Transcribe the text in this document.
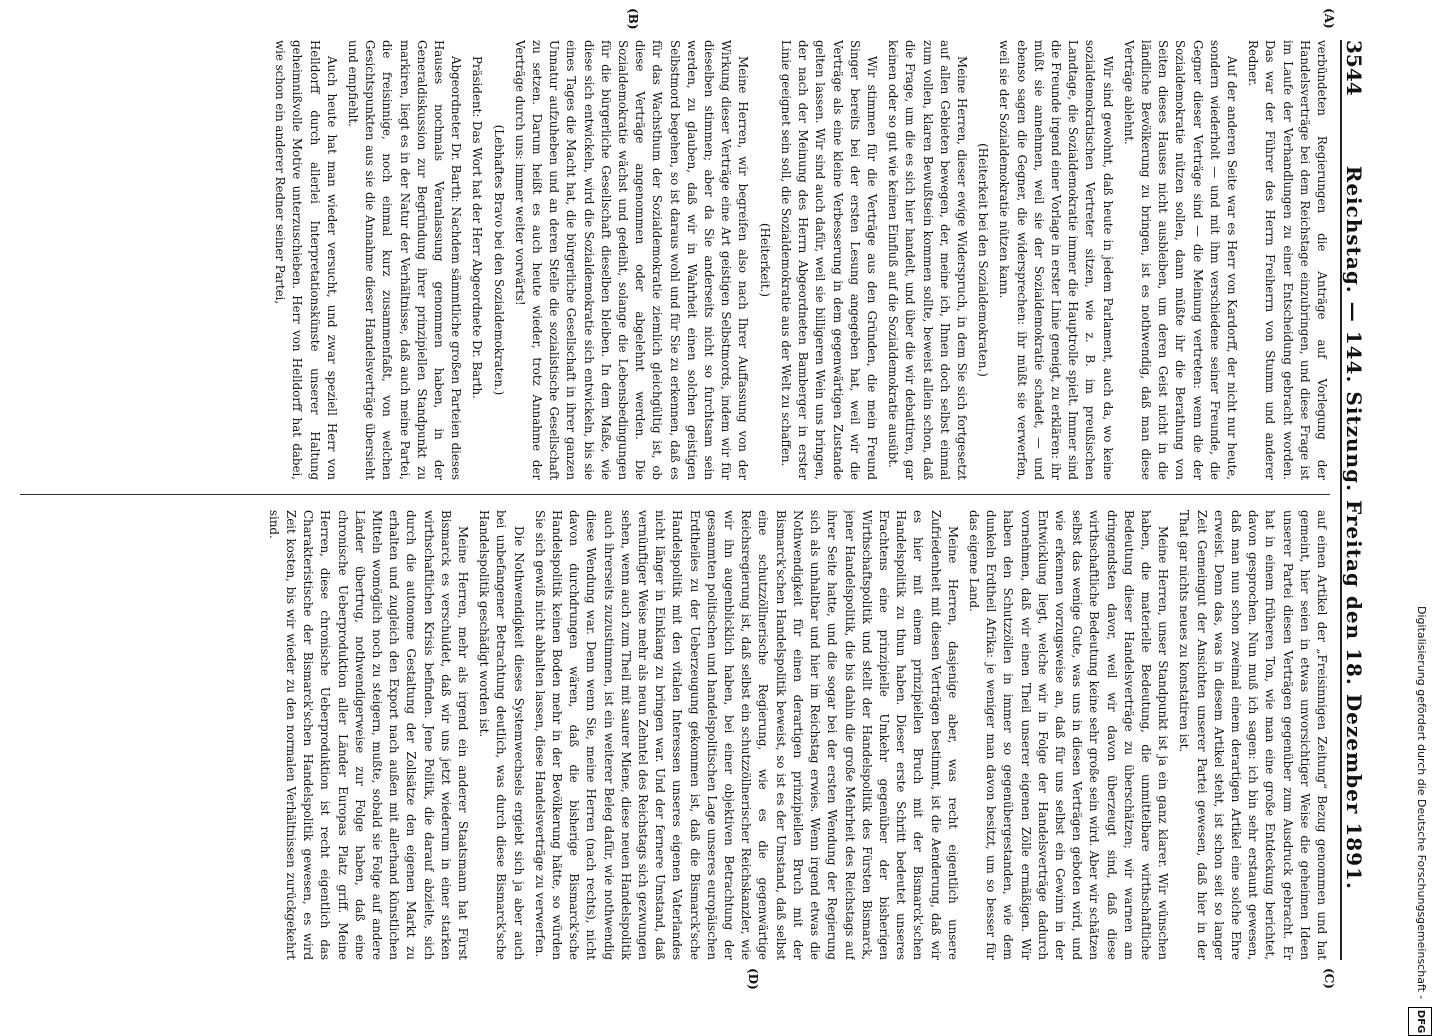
3544
Reichstag. — 144. Sitzung. Freitag den 18. Dezember 1891.
(A)
(B)
(C)
(D)

verbündeten Regierungen die Anträge auf Vorlegung der Handelsverträge bei dem Reichstage einzubringen, und diese Frage ist im Laufe der Verhandlungen zu einer Entscheidung gebracht worden. Das war der Führer des Herrn Freiherrn von Stumm und anderer Redner.

Auf der anderen Seite war es Herr von Kardorff, der nicht nur heute, sondern wiederholt — und mit ihm verschiedene seiner Freunde, die Gegner dieser Verträge sind — die Meinung vertreten: wenn die der Sozialdemokratie nützen sollen, dann müßte ihr die Berathung von Seiten dieses Hauses nicht ausbleiben, um deren Geist nicht in die ländliche Bevölkerung zu bringen, ist es nothwendig, daß man diese Verträge ablehnt.

Wir sind gewohnt, daß heute in jedem Parlament, auch da, wo keine sozialdemokratischen Vertreter sitzen, wie z. B. im preußischen Landtage, die Sozialdemokratie immer die Hauptrolle spielt. Immer sind die Freunde irgend einer Vorlage in erster Linie geneigt, zu erklären: ihr müßt sie annehmen, weil sie der Sozialdemokratie schadet, — und ebenso sagen die Gegner, die widersprechen: ihr müßt sie verwerfen, weil sie der Sozialdemokratie nützen kann.

(Heiterkeit bei den Sozialdemokraten.)

Meine Herren, dieser ewige Widerspruch, in dem Sie sich fortgesetzt auf allen Gebieten bewegen, der, meine ich, Ihnen doch selbst einmal zum vollen, klaren Bewußtsein kommen sollte, beweist allein schon, daß die Frage, um die es sich hier handelt, und über die wir debattiren, gar keinen oder so gut wie keinen Einfluß auf die Sozialdemokratie ausübt.

Wir stimmen für die Verträge aus den Gründen, die mein Freund Singer bereits bei der ersten Lesung angegeben hat, weil wir die Verträge als eine kleine Verbesserung in dem gegenwärtigen Zustande gelten lassen. Wir sind auch dafür, weil sie billigeren Wein uns bringen, der nach der Meinung des Herrn Abgeordneten Bamberger in erster Linie geeignet sein soll, die Sozialdemokratie aus der Welt zu schaffen.

(Heiterkeit.)

Meine Herren, wir begreifen also nach Ihrer Auffassung von der Wirkung dieser Verträge eine Art geistigen Selbstmords, indem wir für dieselben stimmen; aber da Sie anderseits nicht so furchtsam sein werden, zu glauben, daß wir in Wahrheit einen solchen geistigen Selbstmord begehen, so ist daraus wohl und für Sie zu erkennen, daß es für das Wachsthum der Sozialdemokratie ziemlich gleichgültig ist, ob diese Verträge angenommen oder abgelehnt werden. Die Sozialdemokratie wächst und gedeiht, solange die Lebensbedingungen für die bürgerliche Gesellschaft dieselben bleiben. In dem Maße, wie diese sich entwickeln, wird die Sozialdemokratie sich entwickeln, bis sie eines Tages die Macht hat, die bürgerliche Gesellschaft in ihrer ganzen Unnatur aufzuheben und an deren Stelle die sozialistische Gesellschaft zu setzen. Darum heißt es auch heute wieder, trotz Annahme der Verträge durch uns: immer weiter vorwärts!

(Lebhaftes Bravo bei den Sozialdemokraten.)

Präsident: Das Wort hat der Herr Abgeordnete Dr. Barth.

Abgeordneter Dr. Barth: Nachdem sämmtliche großen Parteien dieses Hauses nochmals Veranlassung genommen haben, in der Generaldiskussion zur Begründung ihrer prinzipiellen Standpunkt zu markiren, liegt es in der Natur der Verhältnisse, daß auch meine Partei, die freisinnige, noch einmal kurz zusammenfaßt, von welchen Gesichtspunkten aus sie die Annahme dieser Handelsverträge übersieht und empfiehlt.

Auch heute hat man wieder versucht, und zwar speziell Herr von Helldorff durch allerlei Interpretationskünste unserer Haltung geheimnißvolle Motive unterzuschieben. Herr von Helldorff hat dabei, wie schon ein anderer Redner seiner Partei,

auf einen Artikel der „Freisinnigen Zeitung“ Bezug genommen und hat gemeint, hier seien in etwas unvorsichtiger Weise die geheimen Ideen unserer Partei diesen Verträgen gegenüber zum Ausdruck gebracht. Er hat in einem früheren Ton, wie man eine große Entdeckung berichtet, davon gesprochen. Nun muß ich sagen: ich bin sehr erstaunt gewesen, daß man nun schon zweimal einem derartigen Artikel eine solche Ehre erweist. Denn das, was in diesem Artikel steht, ist schon seit so langer Zeit Gemeingut der Ansichten unserer Partei gewesen, daß hier in der That gar nichts neues zu konstatiren ist.

Meine Herren, unser Standpunkt ist ja ein ganz klarer. Wir wünschen haben, die materielle Bedeutung, die unmittelbare wirthschaftliche Bedeutung dieser Handelsverträge zu überschätzen; wir warnen am dringendsten davor, weil wir davon überzeugt sind, daß diese wirthschaftliche Bedeutung keine sehr große sein wird. Aber wir schätzen selbst das wenige Gute, was uns in diesen Verträgen geboten wird, und wie erkennen vorzugsweise an, daß für uns selbst ein Gewinn in der Entwicklung liegt, welche wir in Folge der Handelsverträge dadurch vornehmen, daß wir einen Theil unserer eigenen Zölle ermäßigen. Wir haben den Schutzzöllen in immer so gegenübergestanden, wie dem dunkeln Erdtheil Afrika: je weniger man davon besitzt, um so besser für das eigene Land.

Meine Herren, dasjenige aber, was recht eigentlich unsere Zufriedenheit mit diesen Verträgen bestimmt, ist die Aenderung, daß wir es hier mit einem prinzipiellen Bruch mit der Bismarck'schen Handelspolitik zu thun haben. Dieser erste Schritt bedeutet unseres Erachtens eine prinzipielle Umkehr gegenüber der bisherigen Wirthschaftspolitik und stellt der Handelspolitik des Fürsten Bismarck, jener Handelspolitik, die bis dahin die große Mehrheit des Reichstags auf ihrer Seite hatte, und die sogar bei der ersten Wendung der Regierung sich als unhaltbar und hier im Reichstag erwies. Wenn irgend etwas die Nothwendigkeit für einen derartigen prinzipiellen Bruch mit der Bismarck'schen Handelspolitik beweist, so ist es der Umstand, daß selbst eine schutzzöllnerische Regierung, wie es die gegenwärtige Reichsregierung ist, daß selbst ein schutzzöllnerischer Reichskanzler, wie wir ihn augenblicklich haben, bei einer objektiven Betrachtung der gesammten politischen und handelspolitischen Lage unseres europäischen Erdtheiles zu der Ueberzeugung gekommen ist, daß die Bismarck'sche Handelspolitik mit den vitalen Interessen unseres eigenen Vaterlandes nicht länger in Einklang zu bringen war. Und der fernere Umstand, daß vernünftiger Weise mehr als neun Zehntel des Reichstags sich gezwungen sehen, wenn auch zum Theil mit saurer Miene, diese neuen Handelspolitik auch ihrerseits zuzustimmen, ist ein weiterer Beleg dafür, wie nothwendig diese Wendung war. Denn wenn Sie, meine Herren (nach rechts), nicht davon durchdrungen wären, daß die bisherige Bismarck'sche Handelspolitik keinen Boden mehr in der Bevölkerung hätte, so würden Sie sich gewiß nicht abhalten lassen, diese Handelsverträge zu verwerfen.

Die Nothwendigkeit dieses Systemwechsels ergiebt sich ja aber auch bei unbefangener Betrachtung deutlich, was durch diese Bismarck'sche Handelspolitik geschädigt worden ist.

Meine Herren, mehr als irgend ein anderer Staatsmann hat Fürst Bismarck es verschuldet, daß wir uns jetzt wiederum in einer starken wirthschaftlichen Krisis befinden. Jene Politik, die darauf abzielte, sich durch die autonome Gestaltung der Zollsätze den eigenen Markt zu erhalten und zugleich den Export nach außen mit allerhand künstlichen Mitteln womöglich noch zu steigern, mußte, sobald sie Folge auf andere Länder übertrug, nothwendigerweise zur Folge haben, daß eine chronische Ueberproduktion aller Länder Europas Platz griff. Meine Herren, diese chronische Ueberproduktion ist recht eigentlich das Charakteristische der Bismarck'schen Handelspolitik gewesen, es wird Zeit kosten, bis wir wieder zu den normalen Verhältnissen zurückgekehrt sind.

Digitalisierung gefördert durch die Deutsche Forschungsgemeinschaft - DFG
